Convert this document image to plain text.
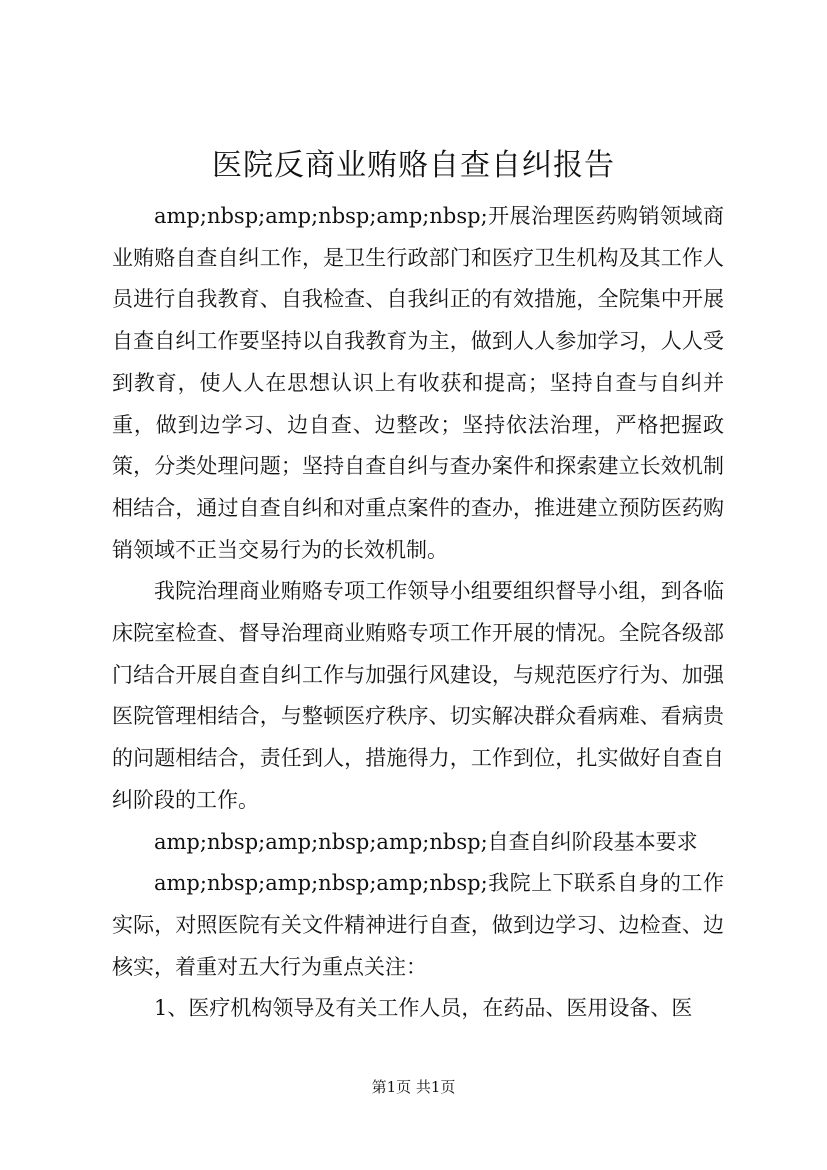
医院反商业贿赂自查自纠报告

amp;nbsp;amp;nbsp;amp;nbsp;开展治理医药购销领域商业贿赂自查自纠工作，是卫生行政部门和医疗卫生机构及其工作人员进行自我教育、自我检查、自我纠正的有效措施，全院集中开展自查自纠工作要坚持以自我教育为主，做到人人参加学习，人人受到教育，使人人在思想认识上有收获和提高；坚持自查与自纠并重，做到边学习、边自查、边整改；坚持依法治理，严格把握政策，分类处理问题；坚持自查自纠与查办案件和探索建立长效机制相结合，通过自查自纠和对重点案件的查办，推进建立预防医药购销领域不正当交易行为的长效机制。

我院治理商业贿赂专项工作领导小组要组织督导小组，到各临床院室检查、督导治理商业贿赂专项工作开展的情况。全院各级部门结合开展自查自纠工作与加强行风建设，与规范医疗行为、加强医院管理相结合，与整顿医疗秩序、切实解决群众看病难、看病贵的问题相结合，责任到人，措施得力，工作到位，扎实做好自查自纠阶段的工作。

amp;nbsp;amp;nbsp;amp;nbsp;自查自纠阶段基本要求

amp;nbsp;amp;nbsp;amp;nbsp;我院上下联系自身的工作实际，对照医院有关文件精神进行自查，做到边学习、边检查、边核实，着重对五大行为重点关注：

1、医疗机构领导及有关工作人员，在药品、医用设备、医

第1页 共1页
